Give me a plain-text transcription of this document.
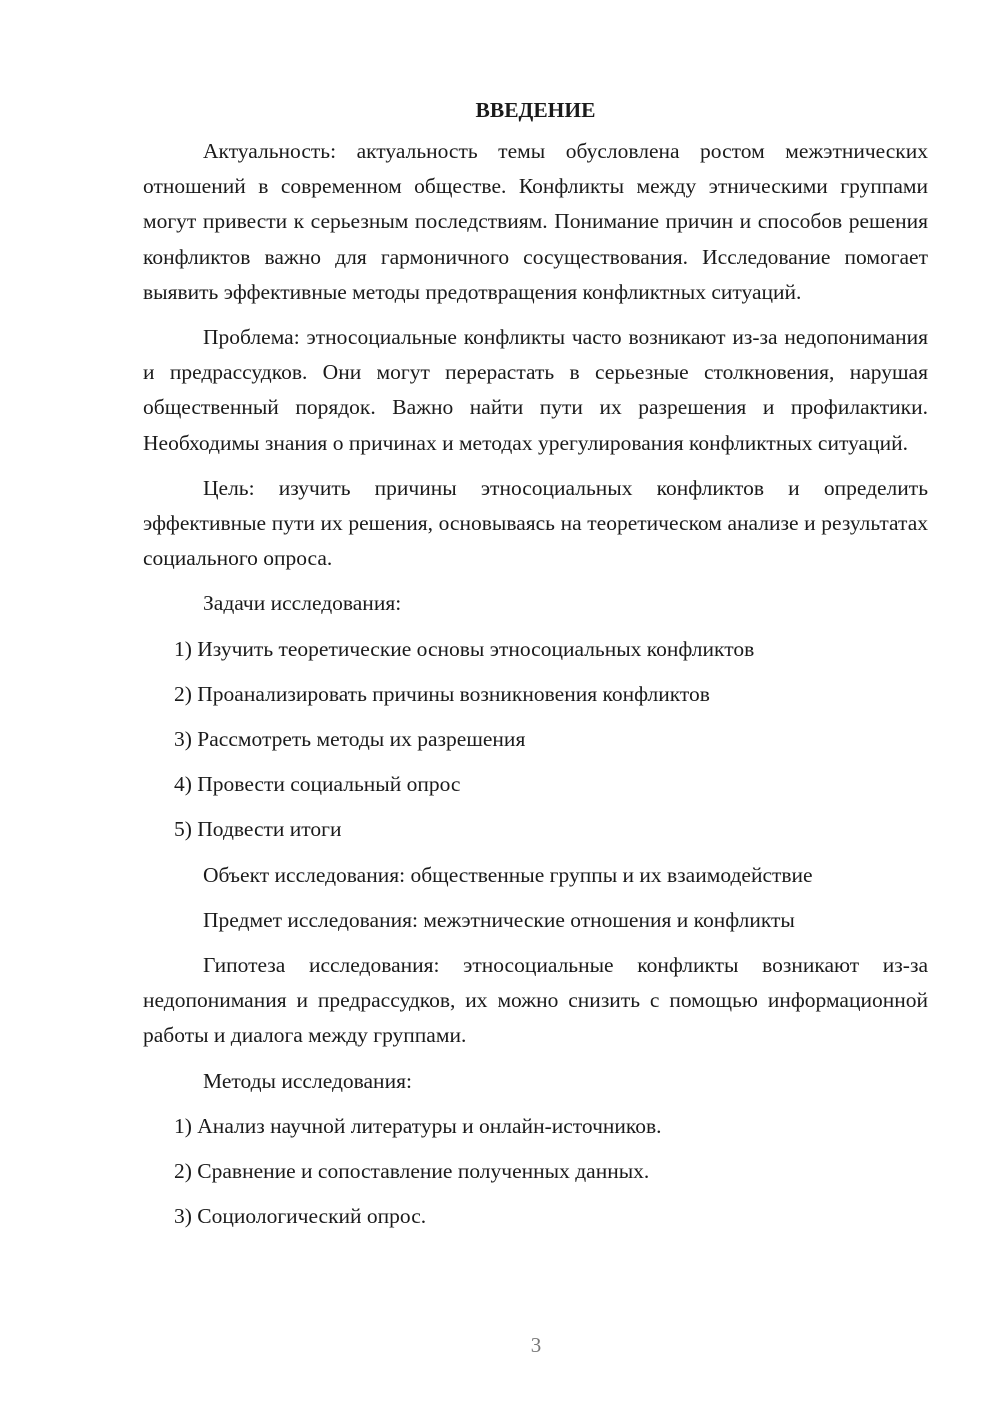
ВВЕДЕНИЕ

Актуальность: актуальность темы обусловлена ростом межэтнических отношений в современном обществе. Конфликты между этническими группами могут привести к серьезным последствиям. Понимание причин и способов решения конфликтов важно для гармоничного сосуществования. Исследование помогает выявить эффективные методы предотвращения конфликтных ситуаций.

Проблема: этносоциальные конфликты часто возникают из-за недопонимания и предрассудков. Они могут перерастать в серьезные столкновения, нарушая общественный порядок. Важно найти пути их разрешения и профилактики. Необходимы знания о причинах и методах урегулирования конфликтных ситуаций.

Цель: изучить причины этносоциальных конфликтов и определить эффективные пути их решения, основываясь на теоретическом анализе и результатах социального опроса.

Задачи исследования:
1) Изучить теоретические основы этносоциальных конфликтов
2) Проанализировать причины возникновения конфликтов
3) Рассмотреть методы их разрешения
4) Провести социальный опрос
5) Подвести итоги
Объект исследования: общественные группы и их взаимодействие
Предмет исследования: межэтнические отношения и конфликты

Гипотеза исследования: этносоциальные конфликты возникают из-за недопонимания и предрассудков, их можно снизить с помощью информационной работы и диалога между группами.

Методы исследования:
1) Анализ научной литературы и онлайн-источников.
2) Сравнение и сопоставление полученных данных.
3) Социологический опрос.
3
